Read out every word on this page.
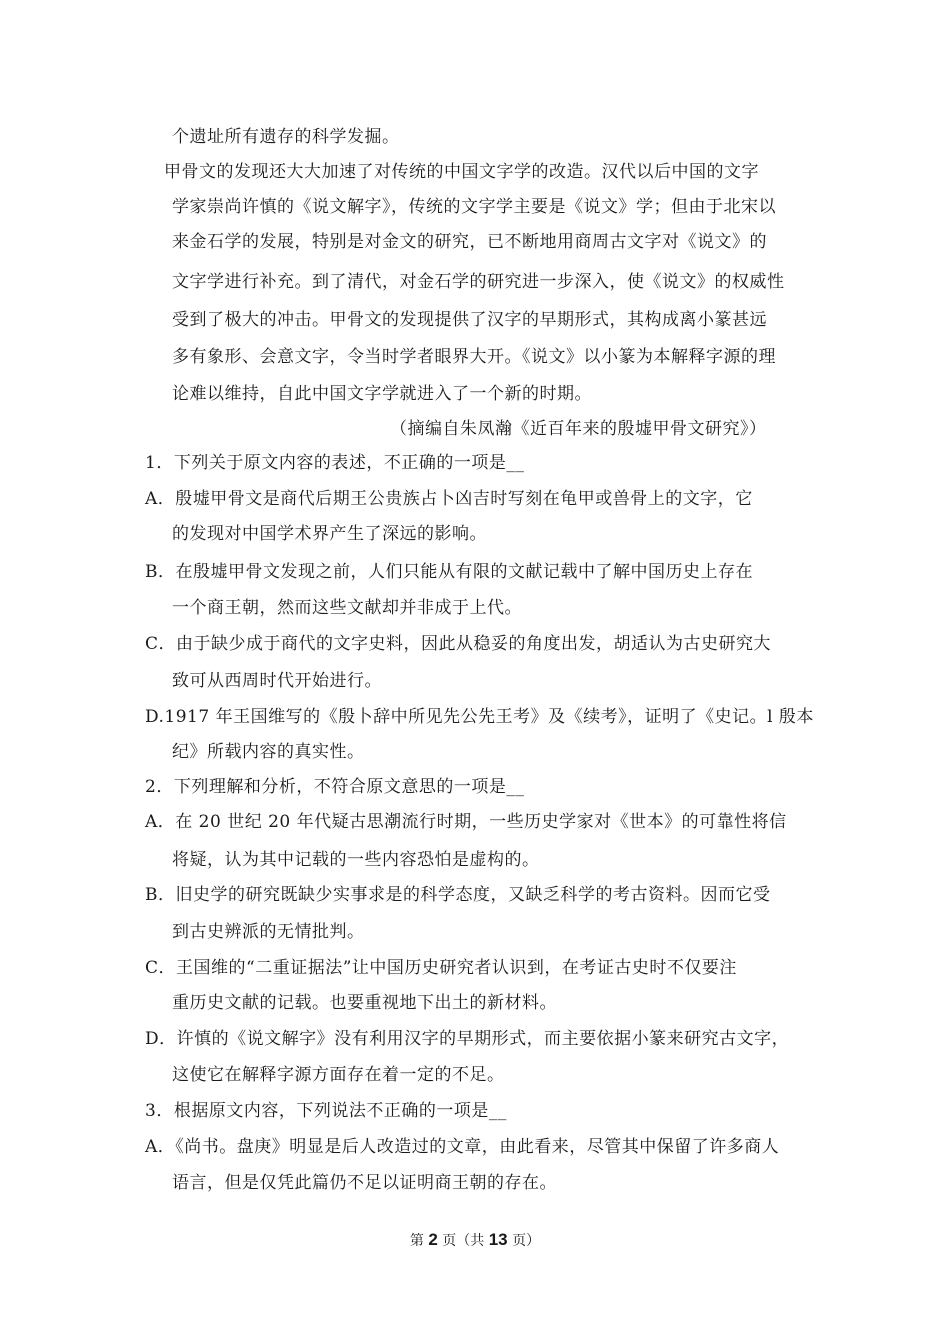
个遗址所有遗存的科学发掘。
甲骨文的发现还大大加速了对传统的中国文字学的改造。汉代以后中国的文字
学家崇尚许慎的《说文解字》，传统的文字学主要是《说文》学；但由于北宋以
来金石学的发展，特别是对金文的研究，已不断地用商周古文字对《说文》的
文字学进行补充。到了清代，对金石学的研究进一步深入，使《说文》的权威性
受到了极大的冲击。甲骨文的发现提供了汉字的早期形式，其构成离小篆甚远
多有象形、会意文字，令当时学者眼界大开。《说文》以小篆为本解释字源的理
论难以维持，自此中国文字学就进入了一个新的时期。
（摘编自朱凤瀚《近百年来的殷墟甲骨文研究》）
1．下列关于原文内容的表述，不正确的一项是__
A．殷墟甲骨文是商代后期王公贵族占卜凶吉时写刻在龟甲或兽骨上的文字，它
的发现对中国学术界产生了深远的影响。
B．在殷墟甲骨文发现之前，人们只能从有限的文献记载中了解中国历史上存在
一个商王朝，然而这些文献却并非成于上代。
C．由于缺少成于商代的文字史料，因此从稳妥的角度出发，胡适认为古史研究大
致可从西周时代开始进行。
D.1917 年王国维写的《殷卜辞中所见先公先王考》及《续考》，证明了《史记。l 殷本
纪》所载内容的真实性。
2．下列理解和分析，不符合原文意思的一项是__
A．在 20 世纪 20 年代疑古思潮流行时期，一些历史学家对《世本》的可靠性将信
将疑，认为其中记载的一些内容恐怕是虚构的。
B．旧史学的研究既缺少实事求是的科学态度，又缺乏科学的考古资料。因而它受
到古史辨派的无情批判。
C．王国维的“二重证据法”让中国历史研究者认识到，在考证古史时不仅要注
重历史文献的记载。也要重视地下出土的新材料。
D．许慎的《说文解字》没有利用汉字的早期形式，而主要依据小篆来研究古文字，
这使它在解释字源方面存在着一定的不足。
3．根据原文内容，下列说法不正确的一项是__
A．《尚书。盘庚》明显是后人改造过的文章，由此看来，尽管其中保留了许多商人
语言，但是仅凭此篇仍不足以证明商王朝的存在。
第 2 页（共 13 页）
